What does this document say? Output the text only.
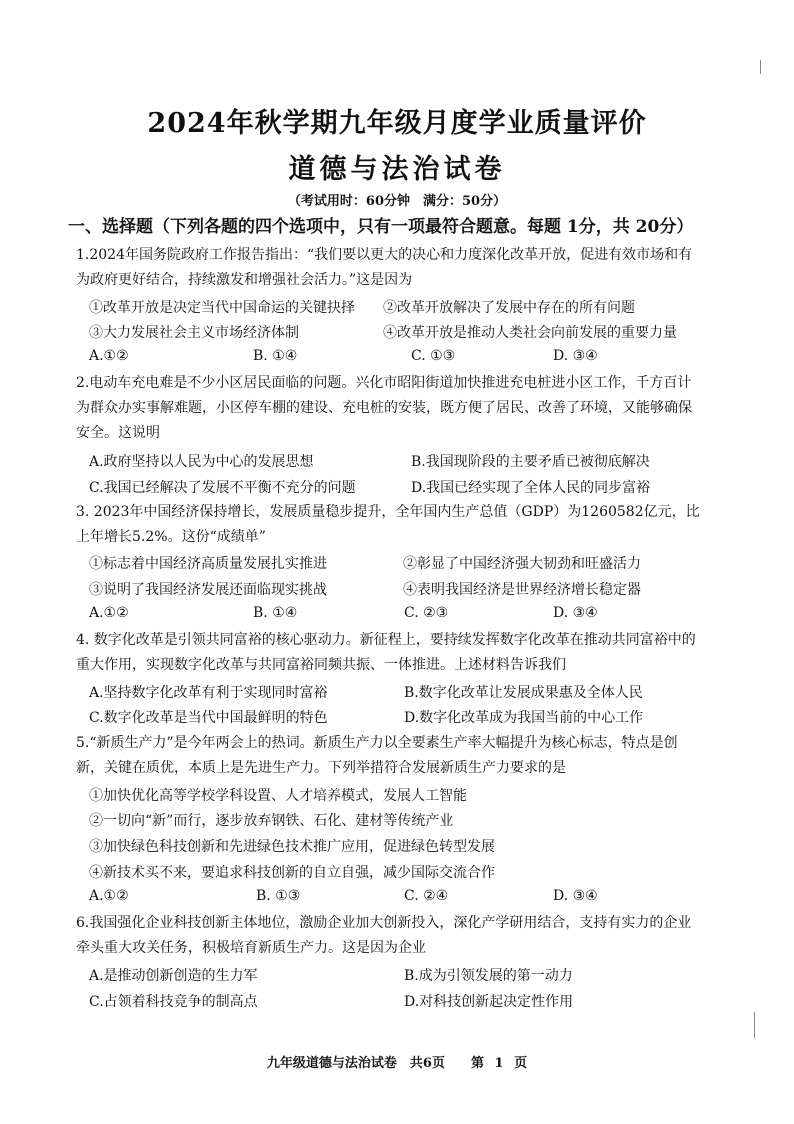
2024年秋学期九年级月度学业质量评价
道德与法治试卷
（考试用时：60分钟　满分：50分）
一、选择题（下列各题的四个选项中，只有一项最符合题意。每题 1分，共 20分）
1.2024年国务院政府工作报告指出：“我们要以更大的决心和力度深化改革开放，促进有效市场和有为政府更好结合，持续激发和增强社会活力。”这是因为
①改革开放是决定当代中国命运的关键抉择 ②改革开放解决了发展中存在的所有问题
③大力发展社会主义市场经济体制	④改革开放是推动人类社会向前发展的重要力量
A.①②	B. ①④	C. ①③	D. ③④
2.电动车充电难是不少小区居民面临的问题。兴化市昭阳街道加快推进充电桩进小区工作，千方百计为群众办实事解难题，小区停车棚的建设、充电桩的安装，既方便了居民、改善了环境，又能够确保安全。这说明
A.政府坚持以人民为中心的发展思想	B.我国现阶段的主要矛盾已被彻底解决
C.我国已经解决了发展不平衡不充分的问题	D.我国已经实现了全体人民的同步富裕
3. 2023年中国经济保持增长，发展质量稳步提升，全年国内生产总值（GDP）为1260582亿元，比上年增长5.2%。这份“成绩单”
①标志着中国经济高质量发展扎实推进	②彰显了中国经济强大韧劲和旺盛活力
③说明了我国经济发展还面临现实挑战	④表明我国经济是世界经济增长稳定器
A.①②	B. ①④	C. ②③	D. ③④
4. 数字化改革是引领共同富裕的核心驱动力。新征程上，要持续发挥数字化改革在推动共同富裕中的重大作用，实现数字化改革与共同富裕同频共振、一体推进。上述材料告诉我们
A.坚持数字化改革有利于实现同时富裕	B.数字化改革让发展成果惠及全体人民
C.数字化改革是当代中国最鲜明的特色	D.数字化改革成为我国当前的中心工作
5.“新质生产力”是今年两会上的热词。新质生产力以全要素生产率大幅提升为核心标志，特点是创新，关键在质优，本质上是先进生产力。下列举措符合发展新质生产力要求的是
①加快优化高等学校学科设置、人才培养模式，发展人工智能
②一切向“新”而行，逐步放弃钢铁、石化、建材等传统产业
③加快绿色科技创新和先进绿色技术推广应用，促进绿色转型发展
④新技术买不来，要追求科技创新的自立自强，减少国际交流合作
A.①②	B. ①③	C. ②④	D. ③④
6.我国强化企业科技创新主体地位，激励企业加大创新投入，深化产学研用结合，支持有实力的企业牵头重大攻关任务，积极培育新质生产力。这是因为企业
A.是推动创新创造的生力军	B.成为引领发展的第一动力
C.占领着科技竞争的制高点	D.对科技创新起决定性作用
九年级道德与法治试卷　共6页　　第 1 页
